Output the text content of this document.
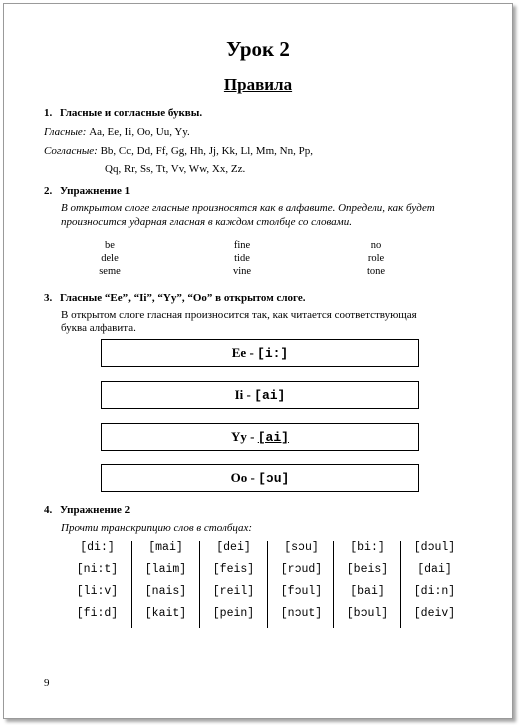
Урок 2
Правила
1. Гласные и согласные буквы.
Гласные: Aa, Ee, Ii, Oo, Uu, Yy.
Согласные: Bb, Cc, Dd, Ff, Gg, Hh, Jj, Kk, Ll, Mm, Nn, Pp,
Qq, Rr, Ss, Tt, Vv, Ww, Xx, Zz.
2. Упражнение 1
В открытом слоге гласные произносятся как в алфавите. Определи, как будет
произносится ударная гласная в каждом столбце со словами.
be
dele
seme
fine
tide
vine
no
role
tone
3. Гласные “Ee”, “Ii”, “Yy”, “Oo” в открытом слоге.
В открытом слоге гласная произносится так, как читается соответствующая
буква алфавита.
Ee - [i:]
Ii - [ai]
Yy - [ai]
Oo - [ɔu]
4. Упражнение 2
Прочти транскрипцию слов в столбцах:
[di:]
[ni:t]
[li:v]
[fi:d]
[mai]
[laim]
[nais]
[kait]
[dei]
[feis]
[reil]
[pein]
[sɔu]
[rɔud]
[fɔul]
[nɔut]
[bi:]
[beis]
[bai]
[bɔul]
[dɔul]
[dai]
[di:n]
[deiv]
9
